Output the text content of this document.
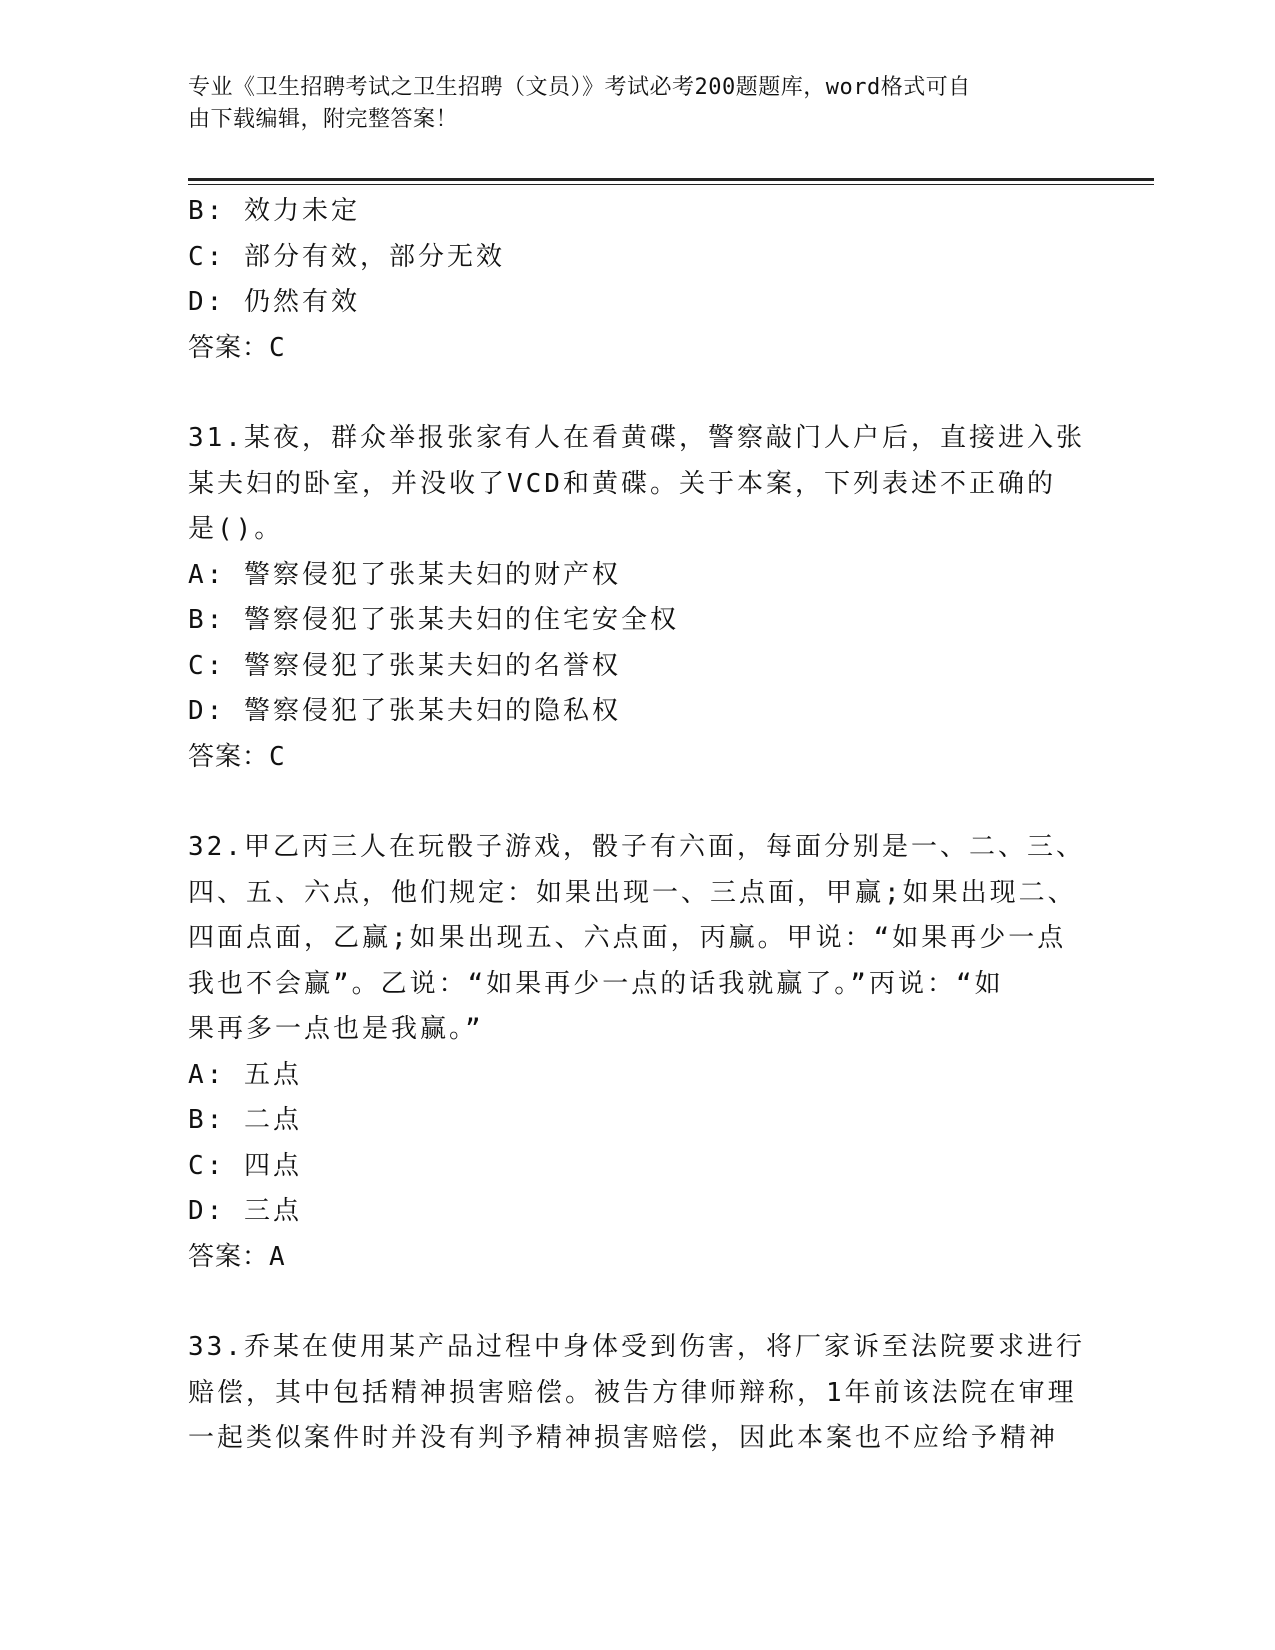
专业《卫生招聘考试之卫生招聘（文员）》考试必考200题题库，word格式可自
由下载编辑，附完整答案！
B: 效力未定
C: 部分有效，部分无效
D: 仍然有效
答案：C
31.某夜，群众举报张家有人在看黄碟，警察敲门人户后，直接进入张
某夫妇的卧室，并没收了VCD和黄碟。关于本案，下列表述不正确的
是()。
A: 警察侵犯了张某夫妇的财产权
B: 警察侵犯了张某夫妇的住宅安全权
C: 警察侵犯了张某夫妇的名誉权
D: 警察侵犯了张某夫妇的隐私权
答案：C
32.甲乙丙三人在玩骰子游戏，骰子有六面，每面分别是一、二、三、
四、五、六点，他们规定：如果出现一、三点面，甲赢;如果出现二、
四面点面，乙赢;如果出现五、六点面，丙赢。甲说：“如果再少一点
我也不会赢”。乙说：“如果再少一点的话我就赢了。”丙说：“如
果再多一点也是我赢。”
A: 五点
B: 二点
C: 四点
D: 三点
答案：A
33.乔某在使用某产品过程中身体受到伤害，将厂家诉至法院要求进行
赔偿，其中包括精神损害赔偿。被告方律师辩称，1年前该法院在审理
一起类似案件时并没有判予精神损害赔偿，因此本案也不应给予精神
